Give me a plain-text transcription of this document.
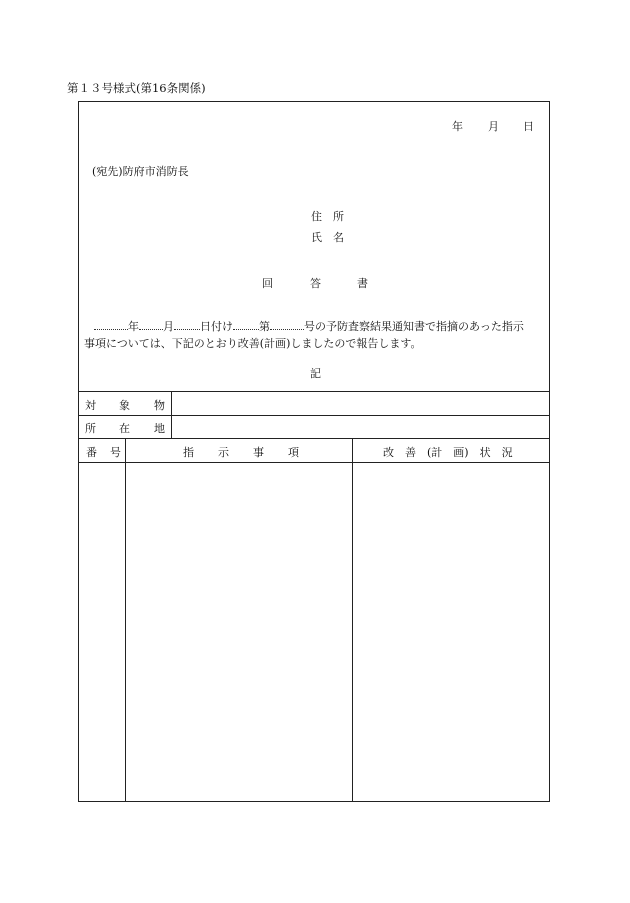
第１３号様式(第16条関係)
年 月 日
(宛先)防府市消防長
住　所
氏　名
回	答	書
年 月 日付け 第	号の予防査察結果通知書で指摘のあった指示
事項については、下記のとおり改善(計画)しましたので報告します。
記
対 象 物
所 在 地
番 号	指 示 事 項	改　善　(計　画)　状　況
